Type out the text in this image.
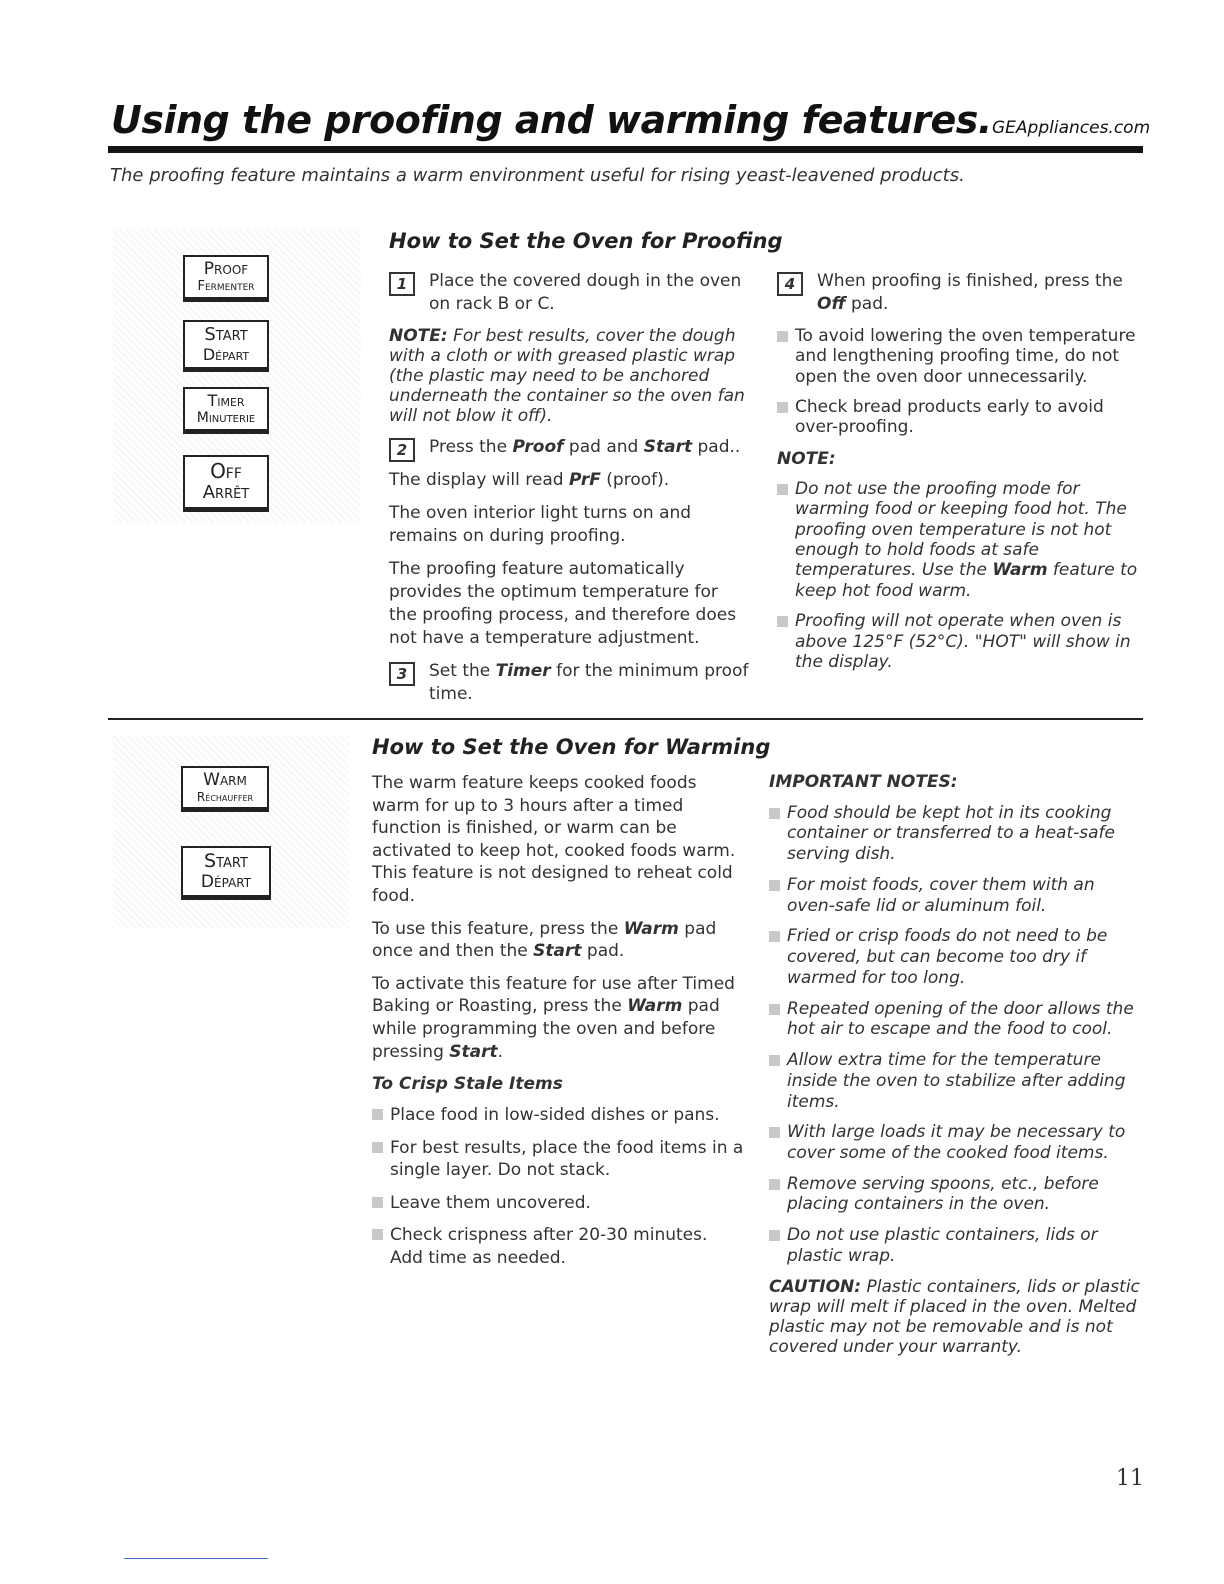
Using the proofing and warming features. GEAppliances.com
The proofing feature maintains a warm environment useful for rising yeast-leavened products.
Proof
Fermenter
Start
Départ
Timer
Minuterie
Off
Arrêt
How to Set the Oven for Proofing
1	Place the covered dough in the oven on rack B or C.

NOTE: For best results, cover the dough with a cloth or with greased plastic wrap (the plastic may need to be anchored underneath the container so the oven fan will not blow it off).

2	Press the Proof pad and Start pad..

The display will read PrF (proof).

The oven interior light turns on and remains on during proofing.

The proofing feature automatically provides the optimum temperature for the proofing process, and therefore does not have a temperature adjustment.

3	Set the Timer for the minimum proof time.
4	When proofing is finished, press the Off pad.
To avoid lowering the oven temperature and lengthening proofing time, do not open the oven door unnecessarily.
Check bread products early to avoid over-proofing.

NOTE:

Do not use the proofing mode for warming food or keeping food hot. The proofing oven temperature is not hot enough to hold foods at safe temperatures. Use the Warm feature to keep hot food warm.
Proofing will not operate when oven is above 125°F (52°C). "HOT" will show in the display.
Warm
Réchauffer
Start
Départ
How to Set the Oven for Warming

The warm feature keeps cooked foods warm for up to 3 hours after a timed function is finished, or warm can be activated to keep hot, cooked foods warm. This feature is not designed to reheat cold food.

To use this feature, press the Warm pad once and then the Start pad.

To activate this feature for use after Timed Baking or Roasting, press the Warm pad while programming the oven and before pressing Start.

To Crisp Stale Items
Place food in low-sided dishes or pans.
For best results, place the food items in a single layer. Do not stack.
Leave them uncovered.
Check crispness after 20-30 minutes. Add time as needed.

IMPORTANT NOTES:

Food should be kept hot in its cooking container or transferred to a heat-safe serving dish.
For moist foods, cover them with an oven-safe lid or aluminum foil.
Fried or crisp foods do not need to be covered, but can become too dry if warmed for too long.
Repeated opening of the door allows the hot air to escape and the food to cool.
Allow extra time for the temperature inside the oven to stabilize after adding items.
With large loads it may be necessary to cover some of the cooked food items.
Remove serving spoons, etc., before placing containers in the oven.
Do not use plastic containers, lids or plastic wrap.

CAUTION: Plastic containers, lids or plastic wrap will melt if placed in the oven. Melted plastic may not be removable and is not covered under your warranty.

11
